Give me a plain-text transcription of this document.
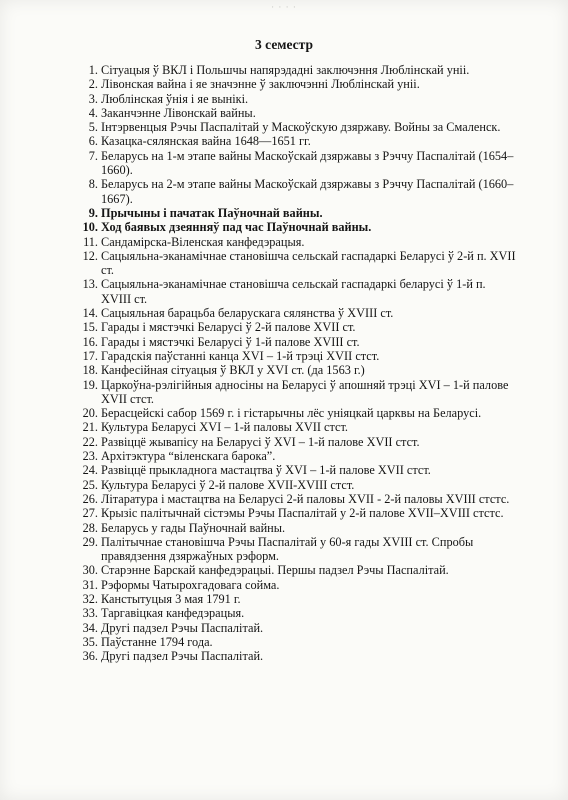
· · · ·
3 семестр
1. Сітуацыя ў ВКЛ і Польшчы напярэдадні заключэння Люблінскай уніі.
2. Лівонская вайна і яе значэнне ў заключэнні Люблінскай уніі.
3. Люблінская ўнія і яе вынікі.
4. Заканчэнне Лівонскай вайны.
5. Інтэрвенцыя Рэчы Паспалітай у Маскоўскую дзяржаву. Войны за Смаленск.
6. Казацка-сялянская вайна 1648—1651 гг.
7. Беларусь на 1-м этапе вайны Маскоўскай дзяржавы з Рэччу Паспалітай (1654–1660).
8. Беларусь на 2-м этапе вайны Маскоўскай дзяржавы з Рэччу Паспалітай (1660–1667).
9. Прычыны і пачатак Паўночнай вайны.
10. Ход баявых дзеянняў пад час Паўночнай вайны.
11. Сандамірска-Віленская канфедэрацыя.
12. Сацыяльна-эканамічнае становішча сельскай гаспадаркі Беларусі ў 2-й п. XVII ст.
13. Сацыяльна-эканамічнае становішча сельскай гаспадаркі беларусі ў 1-й п. XVIII ст.
14. Сацыяльная барацьба беларускага сялянства ў XVIII ст.
15. Гарады і мястэчкі Беларусі ў 2-й палове XVII ст.
16. Гарады і мястэчкі Беларусі ў 1-й палове XVIII ст.
17. Гарадскія паўстанні канца XVI – 1-й трэці XVII стст.
18. Канфесійная сітуацыя ў ВКЛ у XVI ст. (да 1563 г.)
19. Царкоўна-рэлігійныя адносіны на Беларусі ў апошняй трэці XVI – 1-й палове XVII стст.
20. Берасцейскі сабор 1569 г. і гістарычны лёс уніяцкай царквы на Беларусі.
21. Культура Беларусі XVI – 1-й паловы XVII стст.
22. Развіццё жывапісу на Беларусі ў XVI – 1-й палове XVII стст.
23. Архітэктура “віленскага барока”.
24. Развіццё прыкладнога мастацтва ў XVI – 1-й палове XVII стст.
25. Культура Беларусі ў 2-й палове XVII-XVIII стст.
26. Літаратура і мастацтва на Беларусі 2-й паловы XVII - 2-й паловы XVIII стстс.
27. Крызіс палітычнай сістэмы Рэчы Паспалітай у 2-й палове XVII–XVIII стстс.
28. Беларусь у гады Паўночнай вайны.
29. Палітычнае становішча Рэчы Паспалітай у 60-я гады XVIII ст. Спробы правядзення дзяржаўных рэформ.
30. Старэнне Барскай канфедэрацыі. Першы падзел Рэчы Паспалітай.
31. Рэформы Чатырохгадовага сойма.
32. Канстытуцыя 3 мая 1791 г.
33. Таргавіцкая канфедэрацыя.
34. Другі падзел Рэчы Паспалітай.
35. Паўстанне 1794 года.
36. Другі падзел Рэчы Паспалітай.
